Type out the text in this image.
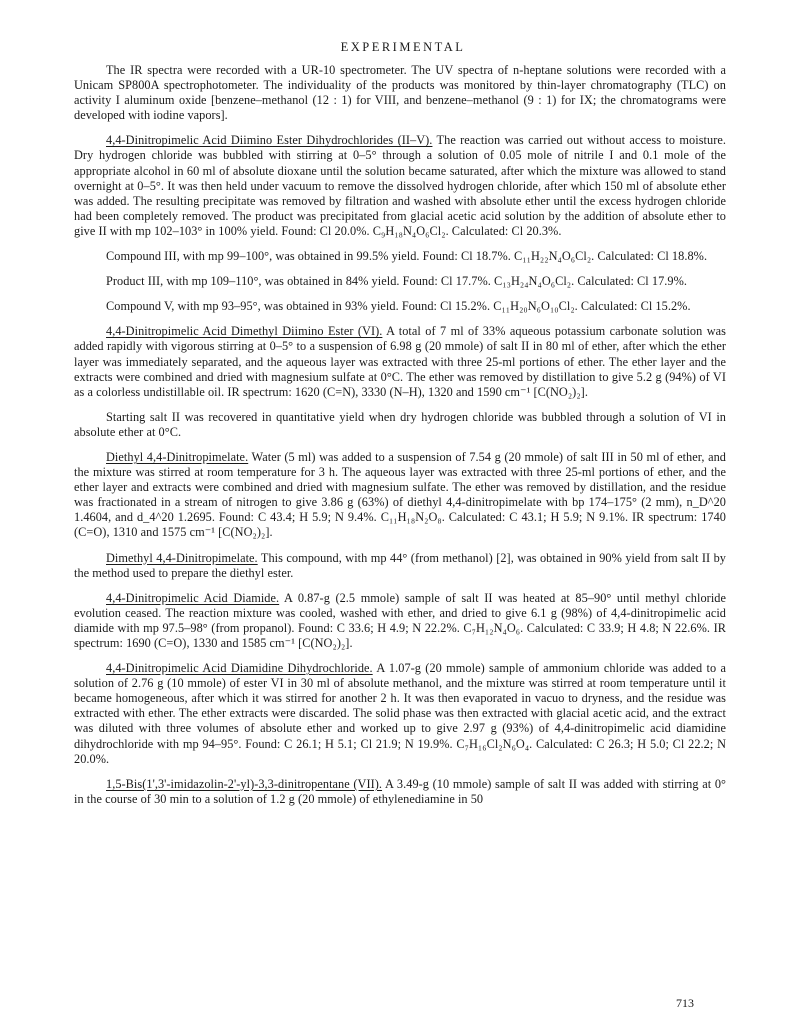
EXPERIMENTAL

The IR spectra were recorded with a UR-10 spectrometer. The UV spectra of n-heptane solutions were recorded with a Unicam SP800A spectrophotometer. The individuality of the products was monitored by thin-layer chromatography (TLC) on activity I aluminum oxide [benzene–methanol (12 : 1) for VIII, and benzene–methanol (9 : 1) for IX; the chromatograms were developed with iodine vapors].

4,4-Dinitropimelic Acid Diimino Ester Dihydrochlorides (II–V). The reaction was carried out without access to moisture. Dry hydrogen chloride was bubbled with stirring at 0–5° through a solution of 0.05 mole of nitrile I and 0.1 mole of the appropriate alcohol in 60 ml of absolute dioxane until the solution became saturated, after which the mixture was allowed to stand overnight at 0–5°. It was then held under vacuum to remove the dissolved hydrogen chloride, after which 150 ml of absolute ether was added. The resulting precipitate was removed by filtration and washed with absolute ether until the excess hydrogen chloride had been completely removed. The product was precipitated from glacial acetic acid solution by the addition of absolute ether to give II with mp 102–103° in 100% yield. Found: Cl 20.0%. C₉H₁₈N₄O₆Cl₂. Calculated: Cl 20.3%.

Compound III, with mp 99–100°, was obtained in 99.5% yield. Found: Cl 18.7%. C₁₁H₂₂N₄O₆Cl₂. Calculated: Cl 18.8%.

Product III, with mp 109–110°, was obtained in 84% yield. Found: Cl 17.7%. C₁₃H₂₄N₄O₆Cl₂. Calculated: Cl 17.9%.

Compound V, with mp 93–95°, was obtained in 93% yield. Found: Cl 15.2%. C₁₁H₂₀N₆O₁₀Cl₂. Calculated: Cl 15.2%.

4,4-Dinitropimelic Acid Dimethyl Diimino Ester (VI). A total of 7 ml of 33% aqueous potassium carbonate solution was added rapidly with vigorous stirring at 0–5° to a suspension of 6.98 g (20 mmole) of salt II in 80 ml of ether, after which the ether layer was immediately separated, and the aqueous layer was extracted with three 25-ml portions of ether. The ether layer and the extracts were combined and dried with magnesium sulfate at 0°C. The ether was removed by distillation to give 5.2 g (94%) of VI as a colorless undistillable oil. IR spectrum: 1620 (C=N), 3330 (N–H), 1320 and 1590 cm⁻¹ [C(NO₂)₂].

Starting salt II was recovered in quantitative yield when dry hydrogen chloride was bubbled through a solution of VI in absolute ether at 0°C.

Diethyl 4,4-Dinitropimelate. Water (5 ml) was added to a suspension of 7.54 g (20 mmole) of salt III in 50 ml of ether, and the mixture was stirred at room temperature for 3 h. The aqueous layer was extracted with three 25-ml portions of ether, and the ether layer and extracts were combined and dried with magnesium sulfate. The ether was removed by distillation, and the residue was fractionated in a stream of nitrogen to give 3.86 g (63%) of diethyl 4,4-dinitropimelate with bp 174–175° (2 mm), n_D^20 1.4604, and d_4^20 1.2695. Found: C 43.4; H 5.9; N 9.4%. C₁₁H₁₈N₂O₈. Calculated: C 43.1; H 5.9; N 9.1%. IR spectrum: 1740 (C=O), 1310 and 1575 cm⁻¹ [C(NO₂)₂].

Dimethyl 4,4-Dinitropimelate. This compound, with mp 44° (from methanol) [2], was obtained in 90% yield from salt II by the method used to prepare the diethyl ester.

4,4-Dinitropimelic Acid Diamide. A 0.87-g (2.5 mmole) sample of salt II was heated at 85–90° until methyl chloride evolution ceased. The reaction mixture was cooled, washed with ether, and dried to give 6.1 g (98%) of 4,4-dinitropimelic acid diamide with mp 97.5–98° (from propanol). Found: C 33.6; H 4.9; N 22.2%. C₇H₁₂N₄O₆. Calculated: C 33.9; H 4.8; N 22.6%. IR spectrum: 1690 (C=O), 1330 and 1585 cm⁻¹ [C(NO₂)₂].

4,4-Dinitropimelic Acid Diamidine Dihydrochloride. A 1.07-g (20 mmole) sample of ammonium chloride was added to a solution of 2.76 g (10 mmole) of ester VI in 30 ml of absolute methanol, and the mixture was stirred at room temperature until it became homogeneous, after which it was stirred for another 2 h. It was then evaporated in vacuo to dryness, and the residue was extracted with ether. The ether extracts were discarded. The solid phase was then extracted with glacial acetic acid, and the extract was diluted with three volumes of absolute ether and worked up to give 2.97 g (93%) of 4,4-dinitropimelic acid diamidine dihydrochloride with mp 94–95°. Found: C 26.1; H 5.1; Cl 21.9; N 19.9%. C₇H₁₆Cl₂N₆O₄. Calculated: C 26.3; H 5.0; Cl 22.2; N 20.0%.

1,5-Bis(1',3'-imidazolin-2'-yl)-3,3-dinitropentane (VII). A 3.49-g (10 mmole) sample of salt II was added with stirring at 0° in the course of 30 min to a solution of 1.2 g (20 mmole) of ethylenediamine in 50

713
